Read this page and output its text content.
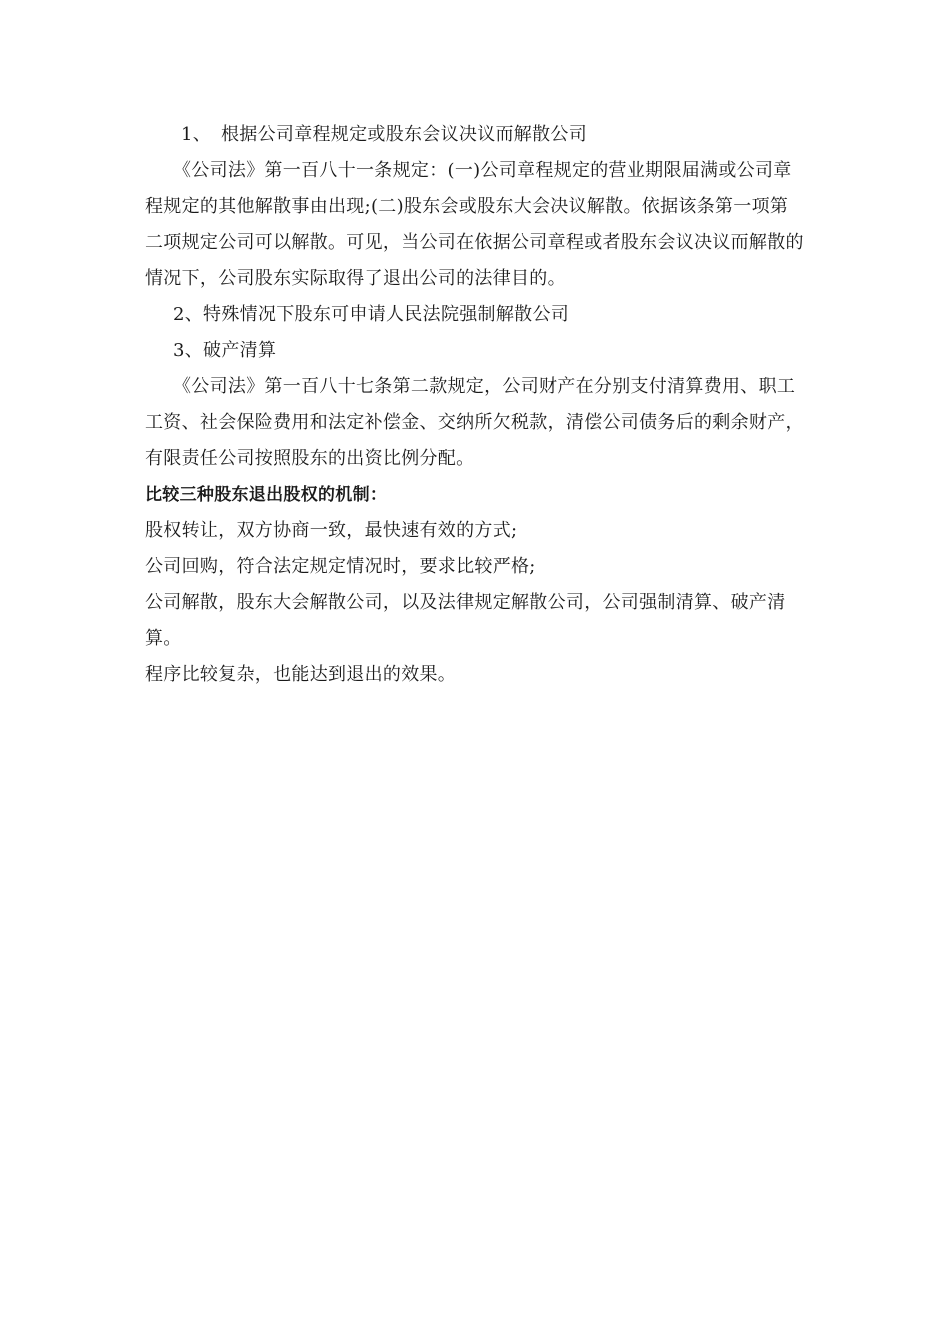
1、 根据公司章程规定或股东会议决议而解散公司

《公司法》第一百八十一条规定：(一)公司章程规定的营业期限届满或公司章程规定的其他解散事由出现;(二)股东会或股东大会决议解散。依据该条第一项第二项规定公司可以解散。可见，当公司在依据公司章程或者股东会议决议而解散的情况下，公司股东实际取得了退出公司的法律目的。

2、特殊情况下股东可申请人民法院强制解散公司

3、破产清算

《公司法》第一百八十七条第二款规定，公司财产在分别支付清算费用、职工工资、社会保险费用和法定补偿金、交纳所欠税款，清偿公司债务后的剩余财产，有限责任公司按照股东的出资比例分配。

比较三种股东退出股权的机制：

股权转让，双方协商一致，最快速有效的方式;

公司回购，符合法定规定情况时，要求比较严格;

公司解散，股东大会解散公司，以及法律规定解散公司，公司强制清算、破产清算。

程序比较复杂，也能达到退出的效果。
